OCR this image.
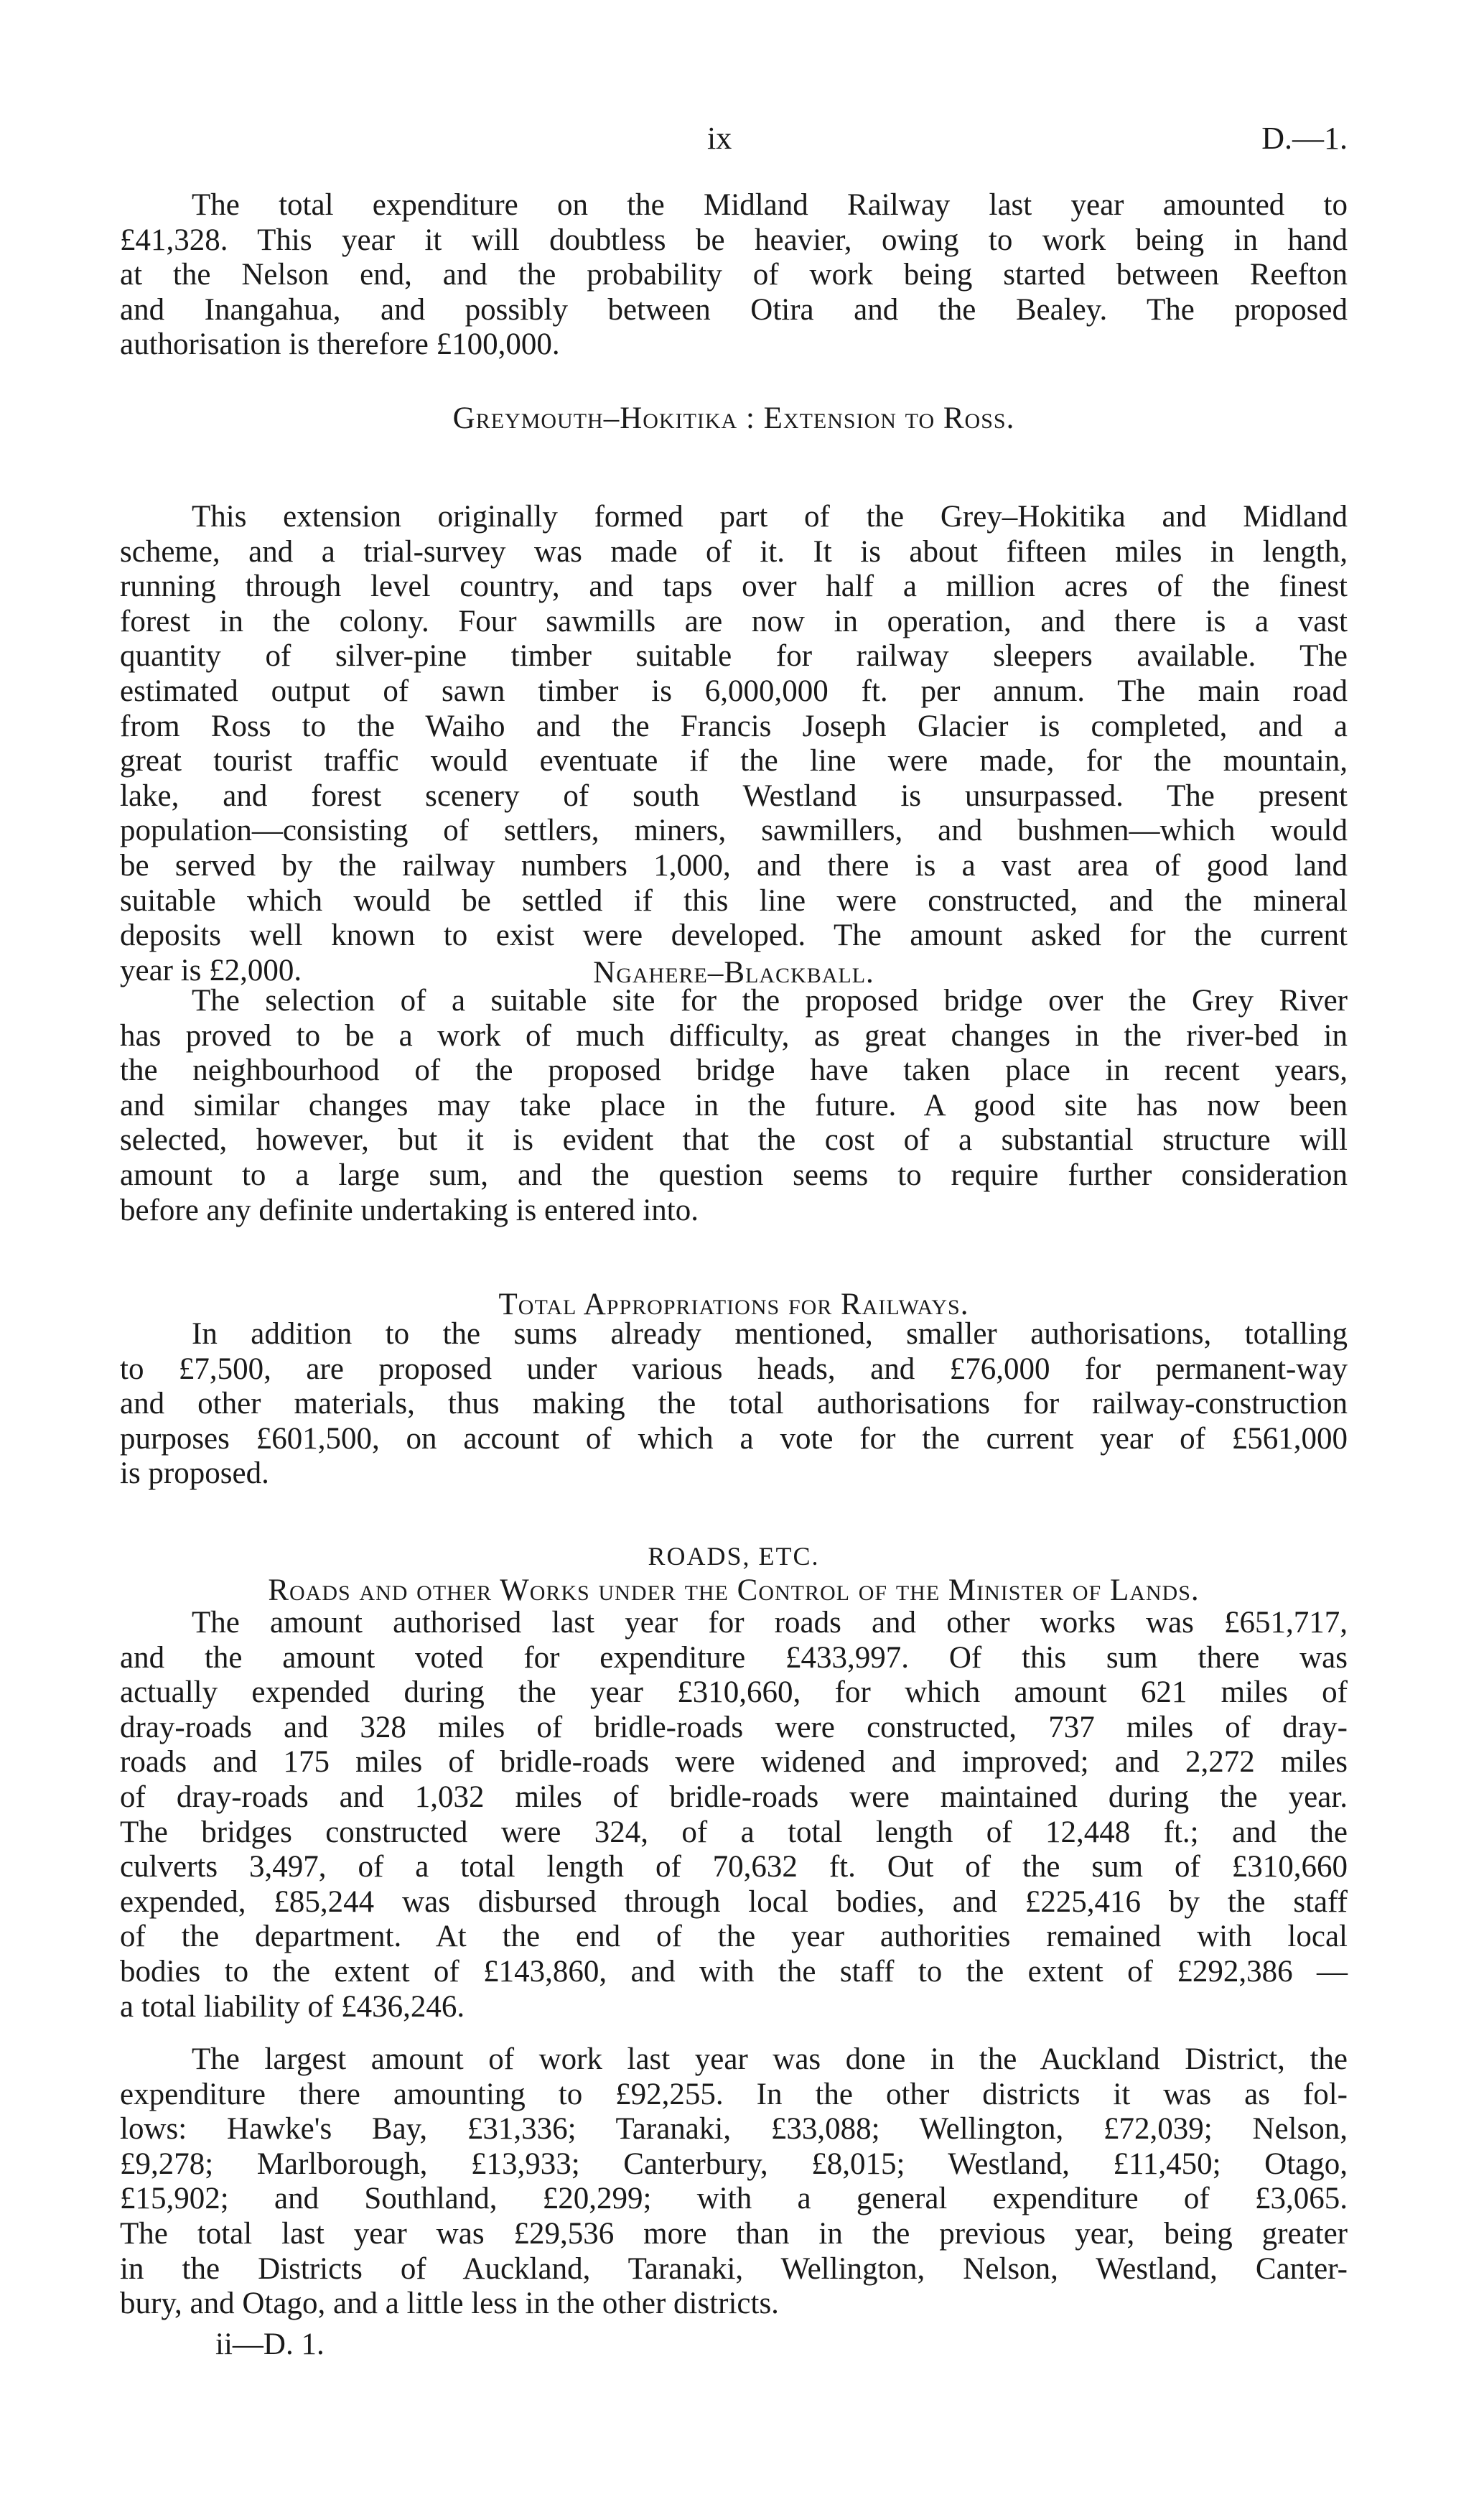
ix	D.—1.
The total expenditure on the Midland Railway last year amounted to
£41,328. This year it will doubtless be heavier, owing to work being in hand
at the Nelson end, and the probability of work being started between Reefton
and Inangahua, and possibly between Otira and the Bealey. The proposed
authorisation is therefore £100,000.
Greymouth–Hokitika : Extension to Ross.
This extension originally formed part of the Grey–Hokitika and Midland
scheme, and a trial-survey was made of it. It is about fifteen miles in length,
running through level country, and taps over half a million acres of the finest
forest in the colony. Four sawmills are now in operation, and there is a vast
quantity of silver-pine timber suitable for railway sleepers available. The
estimated output of sawn timber is 6,000,000 ft. per annum. The main road
from Ross to the Waiho and the Francis Joseph Glacier is completed, and a
great tourist traffic would eventuate if the line were made, for the mountain,
lake, and forest scenery of south Westland is unsurpassed. The present
population—consisting of settlers, miners, sawmillers, and bushmen—which would
be served by the railway numbers 1,000, and there is a vast area of good land
suitable which would be settled if this line were constructed, and the mineral
deposits well known to exist were developed. The amount asked for the current
year is £2,000.	Ngahere–Blackball.
The selection of a suitable site for the proposed bridge over the Grey River
has proved to be a work of much difficulty, as great changes in the river-bed in
the neighbourhood of the proposed bridge have taken place in recent years,
and similar changes may take place in the future. A good site has now been
selected, however, but it is evident that the cost of a substantial structure will
amount to a large sum, and the question seems to require further consideration
before any definite undertaking is entered into.
Total Appropriations for Railways.
In addition to the sums already mentioned, smaller authorisations, totalling
to £7,500, are proposed under various heads, and £76,000 for permanent-way
and other materials, thus making the total authorisations for railway-construction
purposes £601,500, on account of which a vote for the current year of £561,000
is proposed.
ROADS, ETC.
Roads and other Works under the Control of the Minister of Lands.
The amount authorised last year for roads and other works was £651,717,
and the amount voted for expenditure £433,997. Of this sum there was
actually expended during the year £310,660, for which amount 621 miles of
dray-roads and 328 miles of bridle-roads were constructed, 737 miles of dray-
roads and 175 miles of bridle-roads were widened and improved; and 2,272 miles
of dray-roads and 1,032 miles of bridle-roads were maintained during the year.
The bridges constructed were 324, of a total length of 12,448 ft.; and the
culverts 3,497, of a total length of 70,632 ft. Out of the sum of £310,660
expended, £85,244 was disbursed through local bodies, and £225,416 by the staff
of the department. At the end of the year authorities remained with local
bodies to the extent of £143,860, and with the staff to the extent of £292,386 —
a total liability of £436,246.
The largest amount of work last year was done in the Auckland District, the
expenditure there amounting to £92,255. In the other districts it was as fol-
lows: Hawke's Bay, £31,336; Taranaki, £33,088; Wellington, £72,039; Nelson,
£9,278; Marlborough, £13,933; Canterbury, £8,015; Westland, £11,450; Otago,
£15,902; and Southland, £20,299; with a general expenditure of £3,065.
The total last year was £29,536 more than in the previous year, being greater
in the Districts of Auckland, Taranaki, Wellington, Nelson, Westland, Canter-
bury, and Otago, and a little less in the other districts.
ii—D. 1.
